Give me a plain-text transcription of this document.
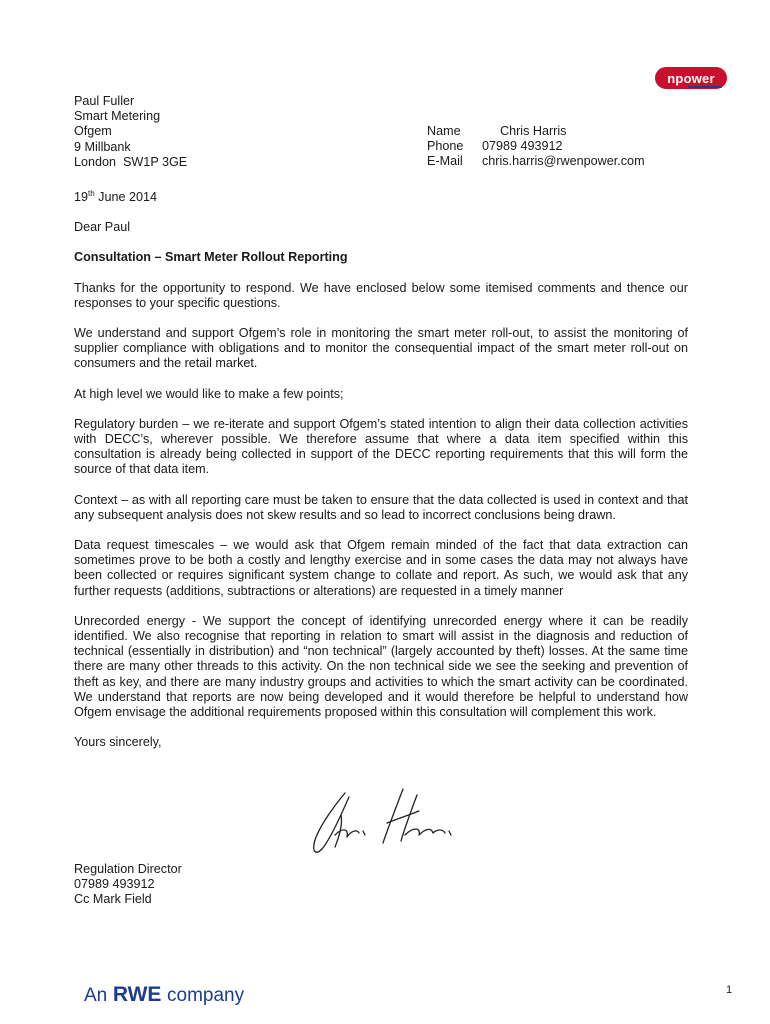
npower
Paul Fuller
Smart Metering
Ofgem
9 Millbank
London  SW1P 3GE
Name	Chris Harris
Phone	07989 493912
E-Mail	chris.harris@rwenpower.com

19th June 2014

Dear Paul

Consultation – Smart Meter Rollout Reporting

Thanks for the opportunity to respond. We have enclosed below some itemised comments and thence our responses to your specific questions.

We understand and support Ofgem’s role in monitoring the smart meter roll-out, to assist the monitoring of supplier compliance with obligations and to monitor the consequential impact of the smart meter roll-out on consumers and the retail market.

At high level we would like to make a few points;

Regulatory burden – we re-iterate and support Ofgem’s stated intention to align their data collection activities with DECC’s, wherever possible. We therefore assume that where a data item specified within this consultation is already being collected in support of the DECC reporting requirements that this will form the source of that data item.

Context – as with all reporting care must be taken to ensure that the data collected is used in context and that any subsequent analysis does not skew results and so lead to incorrect conclusions being drawn.

Data request timescales – we would ask that Ofgem remain minded of the fact that data extraction can sometimes prove to be both a costly and lengthy exercise and in some cases the data may not always have been collected or requires significant system change to collate and report. As such, we would ask that any further requests (additions, subtractions or alterations) are requested in a timely manner

Unrecorded energy - We support the concept of identifying unrecorded energy where it can be readily identified. We also recognise that reporting in relation to smart will assist in the diagnosis and reduction of technical (essentially in distribution) and “non technical” (largely accounted by theft) losses. At the same time there are many other threads to this activity. On the non technical side we see the seeking and prevention of theft as key, and there are many industry groups and activities to which the smart activity can be coordinated. We understand that reports are now being developed and it would therefore be helpful to understand how Ofgem envisage the additional requirements proposed within this consultation will complement this work.

Yours sincerely,

Regulation Director
07989 493912
Cc Mark Field
An RWE company	1
